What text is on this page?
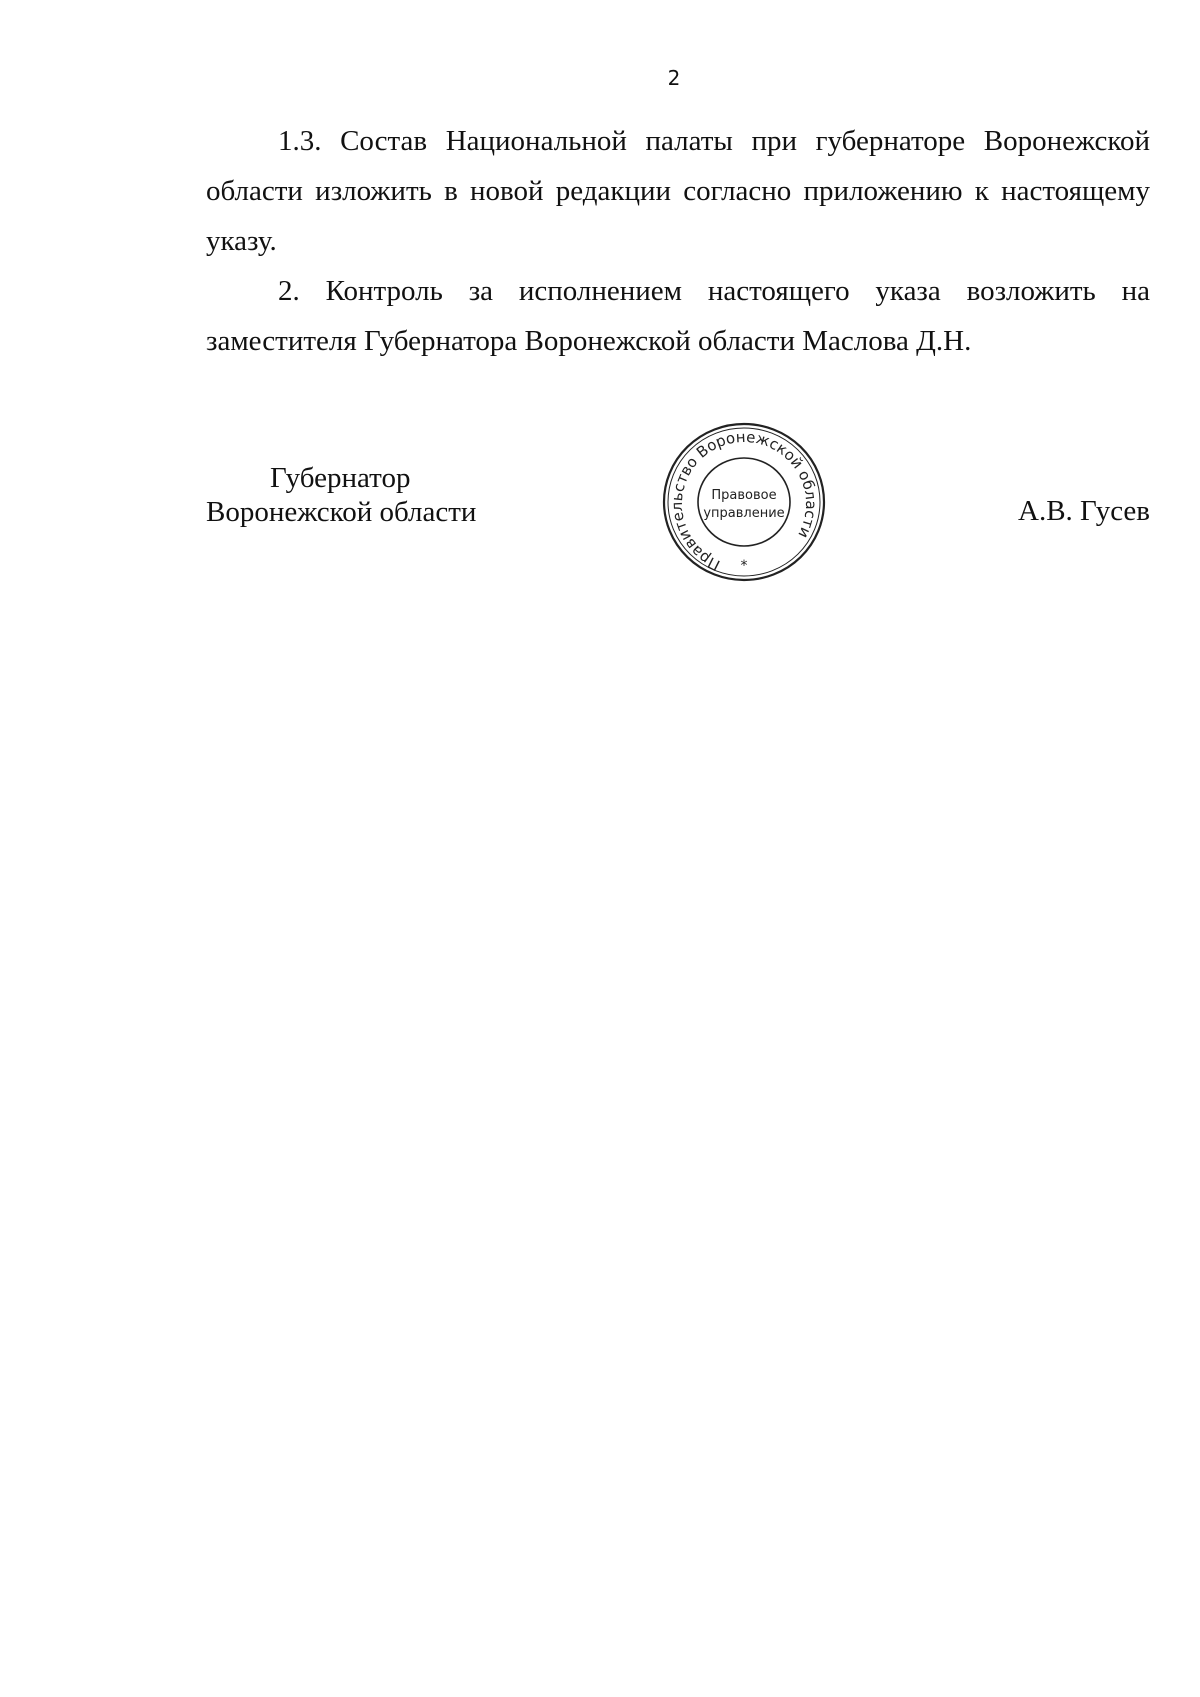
2

1.3. Состав Национальной палаты при губернаторе Воронежской области изложить в новой редакции согласно приложению к настоящему указу.

2. Контроль за исполнением настоящего указа возложить на заместителя Губернатора Воронежской области Маслова Д.Н.

Губернатор
Воронежской области
Правительство Воронежской области
Правовое
управление
*
А.В. Гусев
